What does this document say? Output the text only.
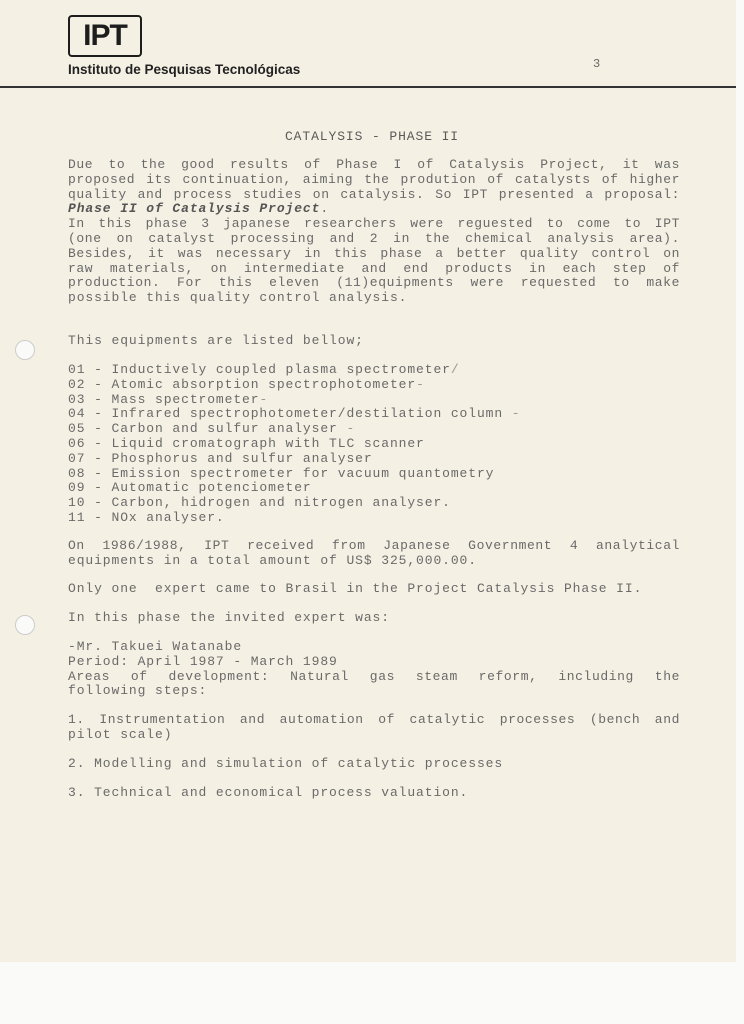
IPT
Instituto de Pesquisas Tecnológicas	3
CATALYSIS - PHASE II
Due to the good results of Phase I of Catalysis Project, it was
proposed its continuation, aiming the prodution of catalysts of higher
quality and process studies on catalysis. So IPT presented a proposal:
Phase II of Catalysis Project.
In this phase 3 japanese researchers were reguested to come to IPT
(one on catalyst processing and 2 in the chemical analysis area).
Besides, it was necessary in this phase a better quality control on
raw materials, on intermediate and end products in each step of
production. For this eleven (11)equipments were requested to make
possible this quality control analysis.
This equipments are listed bellow;
01 - Inductively coupled plasma spectrometer/
02 - Atomic absorption spectrophotometer-
03 - Mass spectrometer-
04 - Infrared spectrophotometer/destilation column -
05 - Carbon and sulfur analyser -
06 - Liquid cromatograph with TLC scanner
07 - Phosphorus and sulfur analyser
08 - Emission spectrometer for vacuum quantometry
09 - Automatic potenciometer
10 - Carbon, hidrogen and nitrogen analyser.
11 - NOx analyser.
On 1986/1988, IPT received from Japanese Government 4 analytical
equipments in a total amount of US$ 325,000.00.
Only one  expert came to Brasil in the Project Catalysis Phase II.
In this phase the invited expert was:
-Mr. Takuei Watanabe
Period: April 1987 - March 1989
Areas of development: Natural gas steam reform, including the
following steps:
1. Instrumentation and automation of catalytic processes (bench and
pilot scale)
2. Modelling and simulation of catalytic processes
3. Technical and economical process valuation.
